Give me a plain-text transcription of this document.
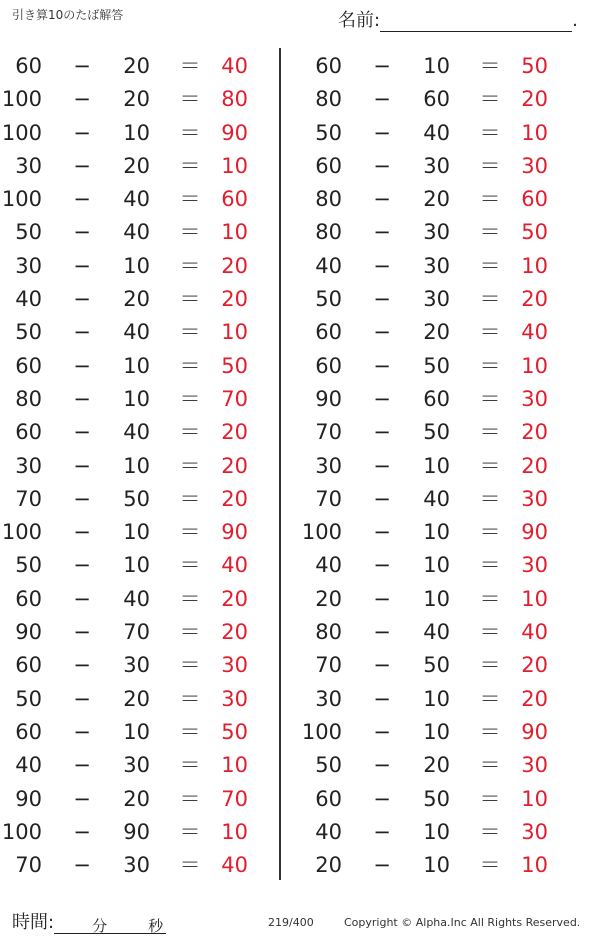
引き算10のたば解答	名前:	.
60 −	20 ＝ 40
100 −	20 ＝ 80
100 −	10 ＝ 90
30 −	20 ＝ 10
100 −	40 ＝ 60
50 −	40 ＝ 10
30 −	10 ＝ 20
40 −	20 ＝ 20
50 −	40 ＝ 10
60 −	10 ＝ 50
80 −	10 ＝ 70
60 −	40 ＝ 20
30 −	10 ＝ 20
70 −	50 ＝ 20
100 −	10 ＝ 90
50 −	10 ＝ 40
60 −	40 ＝ 20
90 −	70 ＝ 20
60 −	30 ＝ 30
50 −	20 ＝ 30
60 −	10 ＝ 50
40 −	30 ＝ 10
90 −	20 ＝ 70
100 −	90 ＝ 10
70 −	30 ＝ 40
60 −	10 ＝ 50
80 −	60 ＝ 20
50 −	40 ＝ 10
60 −	30 ＝ 30
80 −	20 ＝ 60
80 −	30 ＝ 50
40 −	30 ＝ 10
50 −	30 ＝ 20
60 −	20 ＝ 40
60 −	50 ＝ 10
90 −	60 ＝ 30
70 −	50 ＝ 20
30 −	10 ＝ 20
70 −	40 ＝ 30
100 −	10 ＝ 90
40 −	10 ＝ 30
20 −	10 ＝ 10
80 −	40 ＝ 40
70 −	50 ＝ 20
30 −	10 ＝ 20
100 −	10 ＝ 90
50 −	20 ＝ 30
60 −	50 ＝ 10
40 −	10 ＝ 30
20 −	10 ＝ 10
時間:	分	秒	219/400	Copyright © Alpha.Inc All Rights Reserved.
